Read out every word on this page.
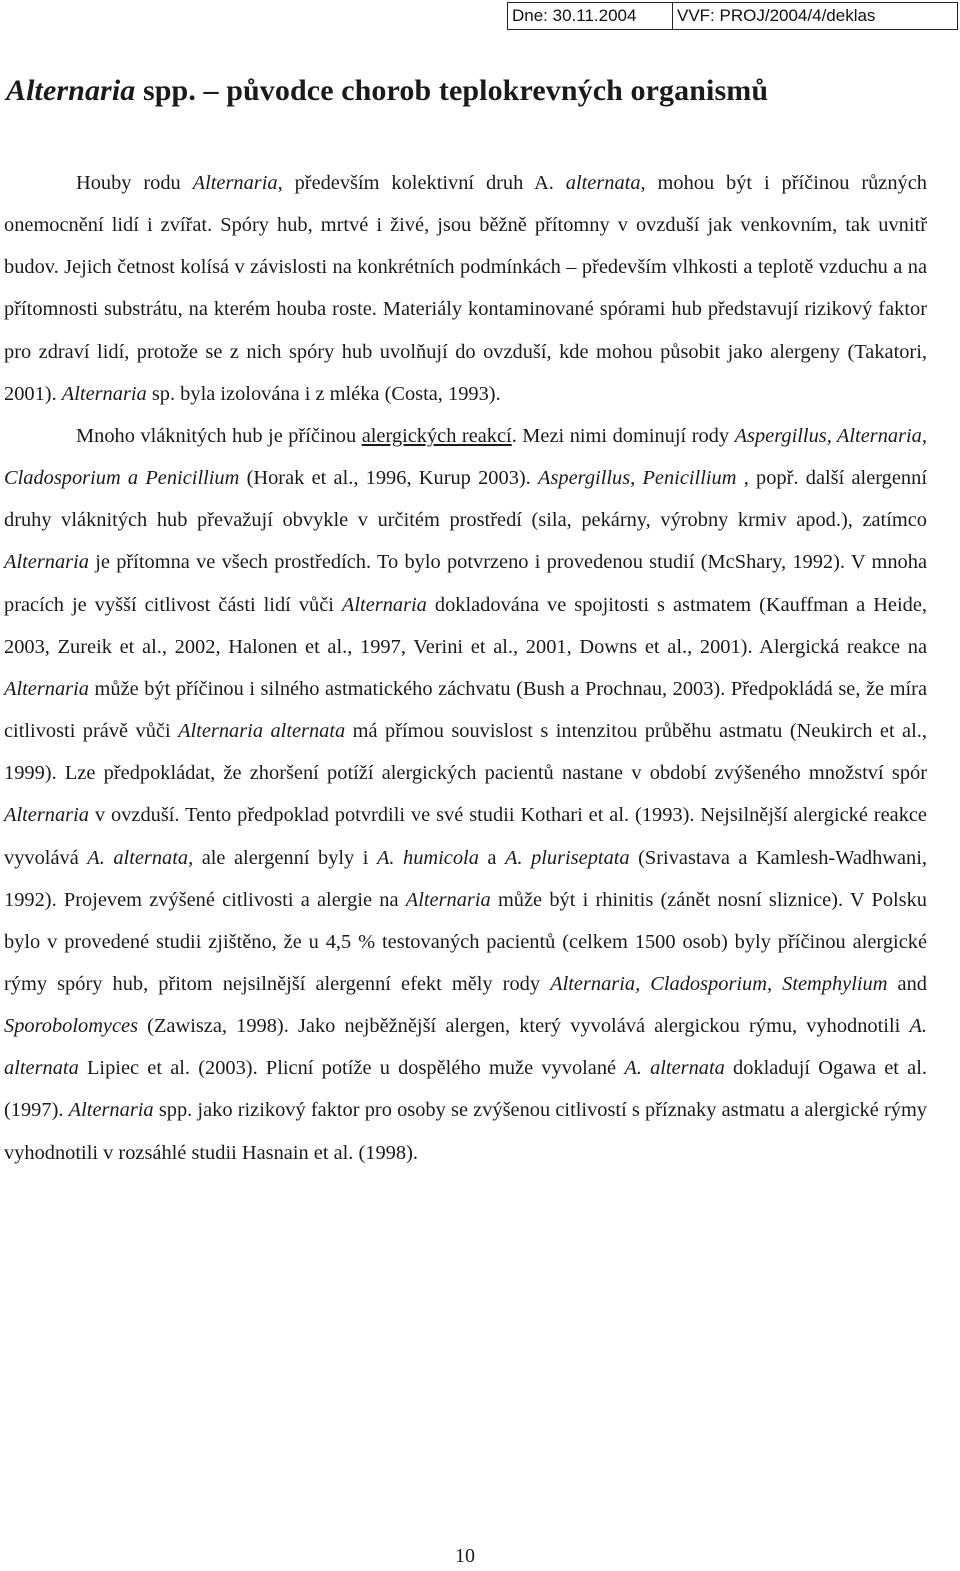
Dne: 30.11.2004	VVF: PROJ/2004/4/deklas
Alternaria spp. – původce chorob teplokrevných organismů

Houby rodu Alternaria, především kolektivní druh A. alternata, mohou být i příčinou různých onemocnění lidí i zvířat. Spóry hub, mrtvé i živé, jsou běžně přítomny v ovzduší jak venkovním, tak uvnitř budov. Jejich četnost kolísá v závislosti na konkrétních podmínkách – především vlhkosti a teplotě vzduchu a na přítomnosti substrátu, na kterém houba roste. Materiály kontaminované spórami hub představují rizikový faktor pro zdraví lidí, protože se z nich spóry hub uvolňují do ovzduší, kde mohou působit jako alergeny (Takatori, 2001). Alternaria sp. byla izolována i z mléka (Costa, 1993).

Mnoho vláknitých hub je příčinou alergických reakcí. Mezi nimi dominují rody Aspergillus, Alternaria, Cladosporium a Penicillium (Horak et al., 1996, Kurup 2003). Aspergillus, Penicillium , popř. další alergenní druhy vláknitých hub převažují obvykle v určitém prostředí (sila, pekárny, výrobny krmiv apod.), zatímco Alternaria je přítomna ve všech prostředích. To bylo potvrzeno i provedenou studií (McShary, 1992). V mnoha pracích je vyšší citlivost části lidí vůči Alternaria dokladována ve spojitosti s astmatem (Kauffman a Heide, 2003, Zureik et al., 2002, Halonen et al., 1997, Verini et al., 2001, Downs et al., 2001). Alergická reakce na Alternaria může být příčinou i silného astmatického záchvatu (Bush a Prochnau, 2003). Předpokládá se, že míra citlivosti právě vůči Alternaria alternata má přímou souvislost s intenzitou průběhu astmatu (Neukirch et al., 1999). Lze předpokládat, že zhoršení potíží alergických pacientů nastane v období zvýšeného množství spór Alternaria v ovzduší. Tento předpoklad potvrdili ve své studii Kothari et al. (1993). Nejsilnější alergické reakce vyvolává A. alternata, ale alergenní byly i A. humicola a A. pluriseptata (Srivastava a Kamlesh-Wadhwani, 1992). Projevem zvýšené citlivosti a alergie na Alternaria může být i rhinitis (zánět nosní sliznice). V Polsku bylo v provedené studii zjištěno, že u 4,5 % testovaných pacientů (celkem 1500 osob) byly příčinou alergické rýmy spóry hub, přitom nejsilnější alergenní efekt měly rody Alternaria, Cladosporium, Stemphylium and Sporobolomyces (Zawisza, 1998). Jako nejběžnější alergen, který vyvolává alergickou rýmu, vyhodnotili A. alternata Lipiec et al. (2003). Plicní potíže u dospělého muže vyvolané A. alternata dokladují Ogawa et al. (1997). Alternaria spp. jako rizikový faktor pro osoby se zvýšenou citlivostí s příznaky astmatu a alergické rýmy vyhodnotili v rozsáhlé studii Hasnain et al. (1998).

10
